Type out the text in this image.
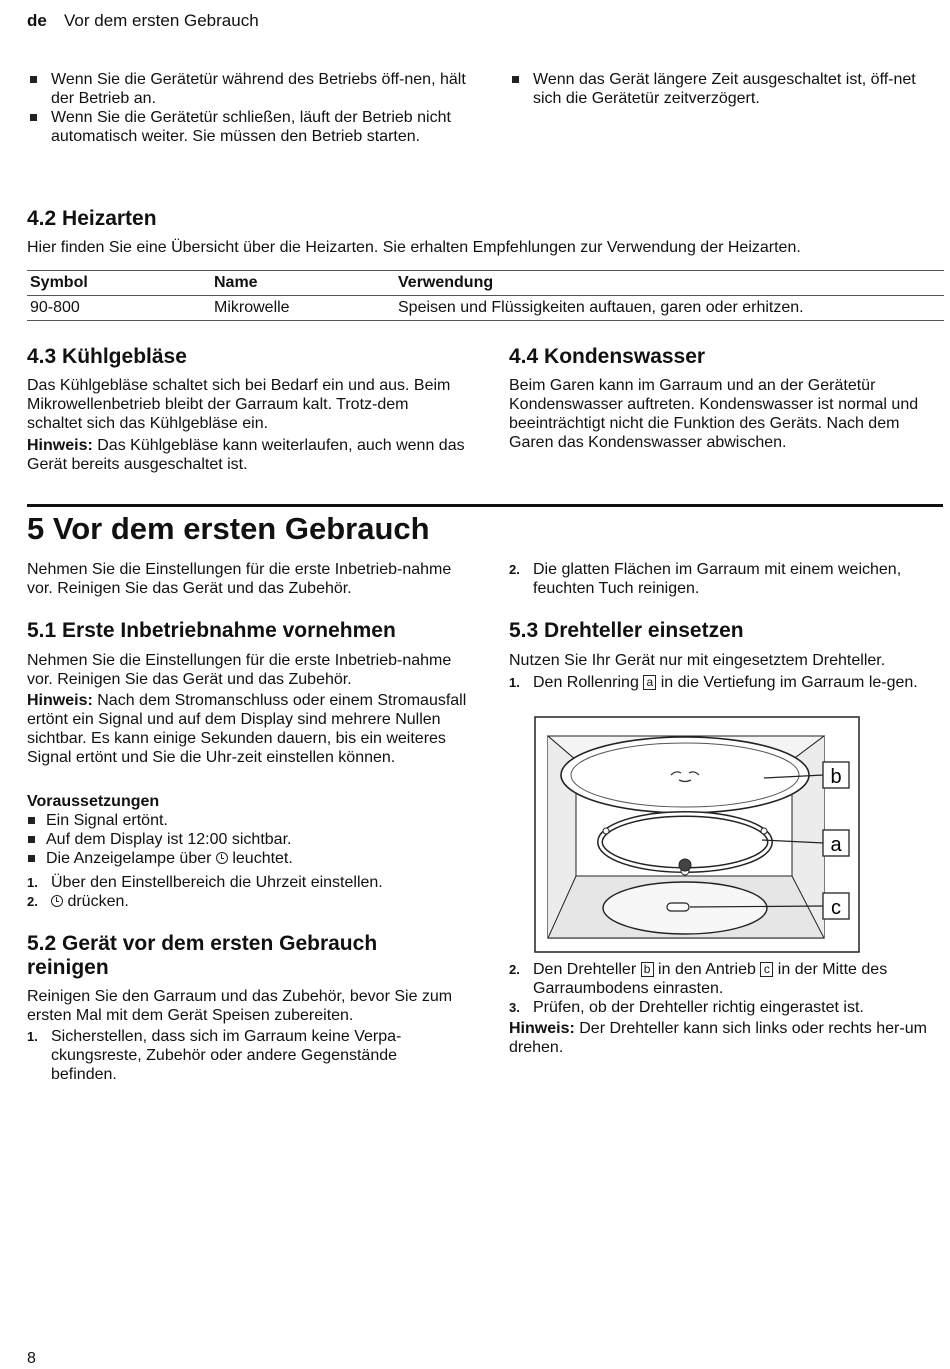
de Vor dem ersten Gebrauch
Wenn Sie die Gerätetür während des Betriebs öff-nen, hält der Betrieb an.
Wenn Sie die Gerätetür schließen, läuft der Betrieb nicht automatisch weiter. Sie müssen den Betrieb starten.
Wenn das Gerät längere Zeit ausgeschaltet ist, öff-net sich die Gerätetür zeitverzögert.
4.2 Heizarten
Hier finden Sie eine Übersicht über die Heizarten. Sie erhalten Empfehlungen zur Verwendung der Heizarten.
Symbol	Name	Verwendung
90-800	Mikrowelle	Speisen und Flüssigkeiten auftauen, garen oder erhitzen.
4.3 Kühlgebläse
Das Kühlgebläse schaltet sich bei Bedarf ein und aus. Beim Mikrowellenbetrieb bleibt der Garraum kalt. Trotz-dem schaltet sich das Kühlgebläse ein.
Hinweis: Das Kühlgebläse kann weiterlaufen, auch wenn das Gerät bereits ausgeschaltet ist.
4.4 Kondenswasser
Beim Garen kann im Garraum und an der Gerätetür Kondenswasser auftreten. Kondenswasser ist normal und beeinträchtigt nicht die Funktion des Geräts. Nach dem Garen das Kondenswasser abwischen.
5 Vor dem ersten Gebrauch
Nehmen Sie die Einstellungen für die erste Inbetrieb-nahme vor. Reinigen Sie das Gerät und das Zubehör.
5.1 Erste Inbetriebnahme vornehmen
Nehmen Sie die Einstellungen für die erste Inbetrieb-nahme vor. Reinigen Sie das Gerät und das Zubehör.
Hinweis: Nach dem Stromanschluss oder einem Stromausfall ertönt ein Signal und auf dem Display sind mehrere Nullen sichtbar. Es kann einige Sekunden dauern, bis ein weiteres Signal ertönt und Sie die Uhr-zeit einstellen können.
Voraussetzungen
Ein Signal ertönt.
Auf dem Display ist 12:00 sichtbar.
Die Anzeigelampe über  leuchtet.
1. Über den Einstellbereich die Uhrzeit einstellen.
2. drücken.
5.2 Gerät vor dem ersten Gebrauch
reinigen
Reinigen Sie den Garraum und das Zubehör, bevor Sie zum ersten Mal mit dem Gerät Speisen zubereiten.
1. Sicherstellen, dass sich im Garraum keine Verpa-ckungsreste, Zubehör oder andere Gegenstände befinden.
2. Die glatten Flächen im Garraum mit einem weichen, feuchten Tuch reinigen.
5.3 Drehteller einsetzen
Nutzen Sie Ihr Gerät nur mit eingesetztem Drehteller.
1. Den Rollenring a in die Vertiefung im Garraum le-gen.
b
a
c
2. Den Drehteller b in den Antrieb c in der Mitte des Garraumbodens einrasten.
3. Prüfen, ob der Drehteller richtig eingerastet ist.
Hinweis: Der Drehteller kann sich links oder rechts her-um drehen.
8
